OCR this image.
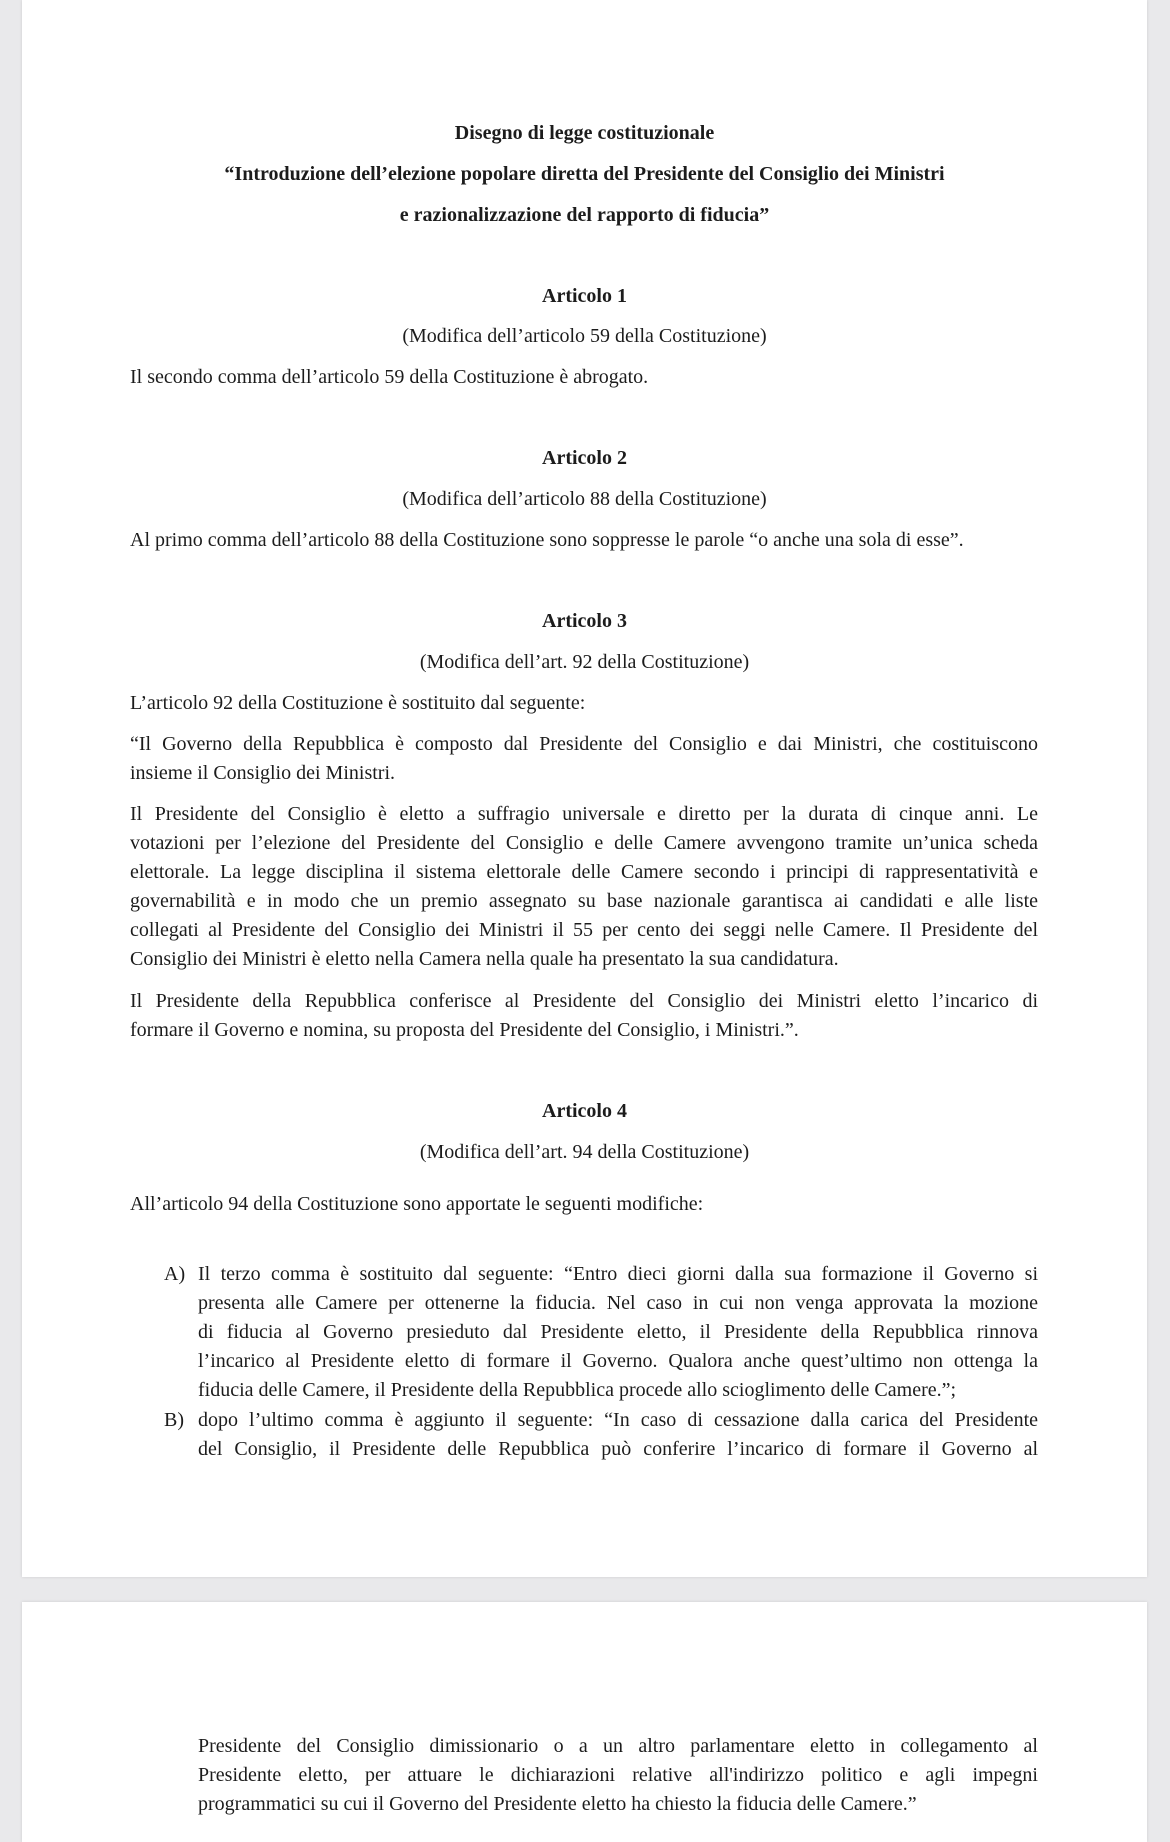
Disegno di legge costituzionale
“Introduzione dell’elezione popolare diretta del Presidente del Consiglio dei Ministri
e razionalizzazione del rapporto di fiducia”
Articolo 1
(Modifica dell’articolo 59 della Costituzione)
Il secondo comma dell’articolo 59 della Costituzione è abrogato.
Articolo 2
(Modifica dell’articolo 88 della Costituzione)
Al primo comma dell’articolo 88 della Costituzione sono soppresse le parole “o anche una sola di esse”.
Articolo 3
(Modifica dell’art. 92 della Costituzione)
L’articolo 92 della Costituzione è sostituito dal seguente:
“Il Governo della Repubblica è composto dal Presidente del Consiglio e dai Ministri, che costituiscono
insieme il Consiglio dei Ministri.
Il Presidente del Consiglio è eletto a suffragio universale e diretto per la durata di cinque anni. Le
votazioni per l’elezione del Presidente del Consiglio e delle Camere avvengono tramite un’unica scheda
elettorale. La legge disciplina il sistema elettorale delle Camere secondo i principi di rappresentatività e
governabilità e in modo che un premio assegnato su base nazionale garantisca ai candidati e alle liste
collegati al Presidente del Consiglio dei Ministri il 55 per cento dei seggi nelle Camere. Il Presidente del
Consiglio dei Ministri è eletto nella Camera nella quale ha presentato la sua candidatura.
Il Presidente della Repubblica conferisce al Presidente del Consiglio dei Ministri eletto l’incarico di
formare il Governo e nomina, su proposta del Presidente del Consiglio, i Ministri.”.
Articolo 4
(Modifica dell’art. 94 della Costituzione)
All’articolo 94 della Costituzione sono apportate le seguenti modifiche:
A) Il terzo comma è sostituito dal seguente: “Entro dieci giorni dalla sua formazione il Governo si
presenta alle Camere per ottenerne la fiducia. Nel caso in cui non venga approvata la mozione
di fiducia al Governo presieduto dal Presidente eletto, il Presidente della Repubblica rinnova
l’incarico al Presidente eletto di formare il Governo. Qualora anche quest’ultimo non ottenga la
fiducia delle Camere, il Presidente della Repubblica procede allo scioglimento delle Camere.”;
B) dopo l’ultimo comma è aggiunto il seguente: “In caso di cessazione dalla carica del Presidente
del Consiglio, il Presidente delle Repubblica può conferire l’incarico di formare il Governo al
Presidente del Consiglio dimissionario o a un altro parlamentare eletto in collegamento al
Presidente eletto, per attuare le dichiarazioni relative all'indirizzo politico e agli impegni
programmatici su cui il Governo del Presidente eletto ha chiesto la fiducia delle Camere.”
